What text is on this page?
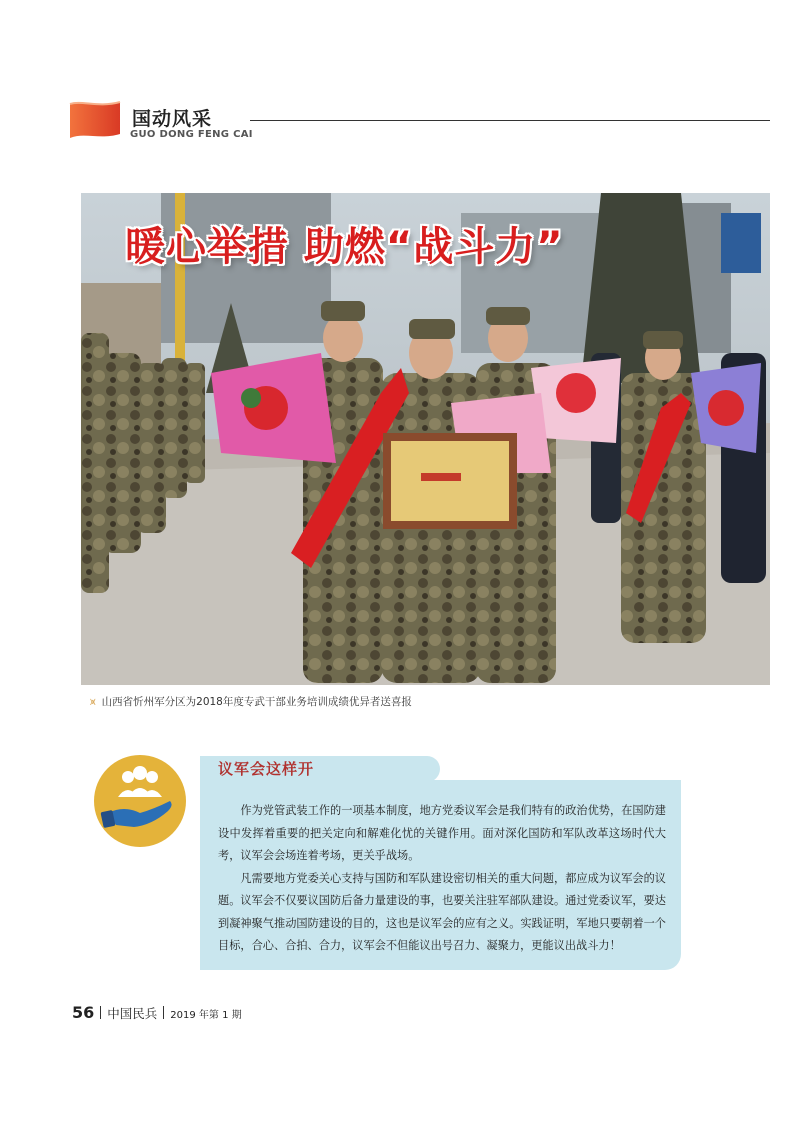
国动风采
GUO DONG FENG CAI
暖心举措 助燃“战斗力”
⩙ 山西省忻州军分区为2018年度专武干部业务培训成绩优异者送喜报
议军会这样开

作为党管武装工作的一项基本制度，地方党委议军会是我们特有的政治优势，在国防建设中发挥着重要的把关定向和解难化忧的关键作用。面对深化国防和军队改革这场时代大考，议军会会场连着考场，更关乎战场。

凡需要地方党委关心支持与国防和军队建设密切相关的重大问题，都应成为议军会的议题。议军会不仅要议国防后备力量建设的事，也要关注驻军部队建设。通过党委议军，要达到凝神聚气推动国防建设的目的，这也是议军会的应有之义。实践证明，军地只要朝着一个目标，合心、合拍、合力，议军会不但能议出号召力、凝聚力，更能议出战斗力！

56 中国民兵 2019 年第 1 期
